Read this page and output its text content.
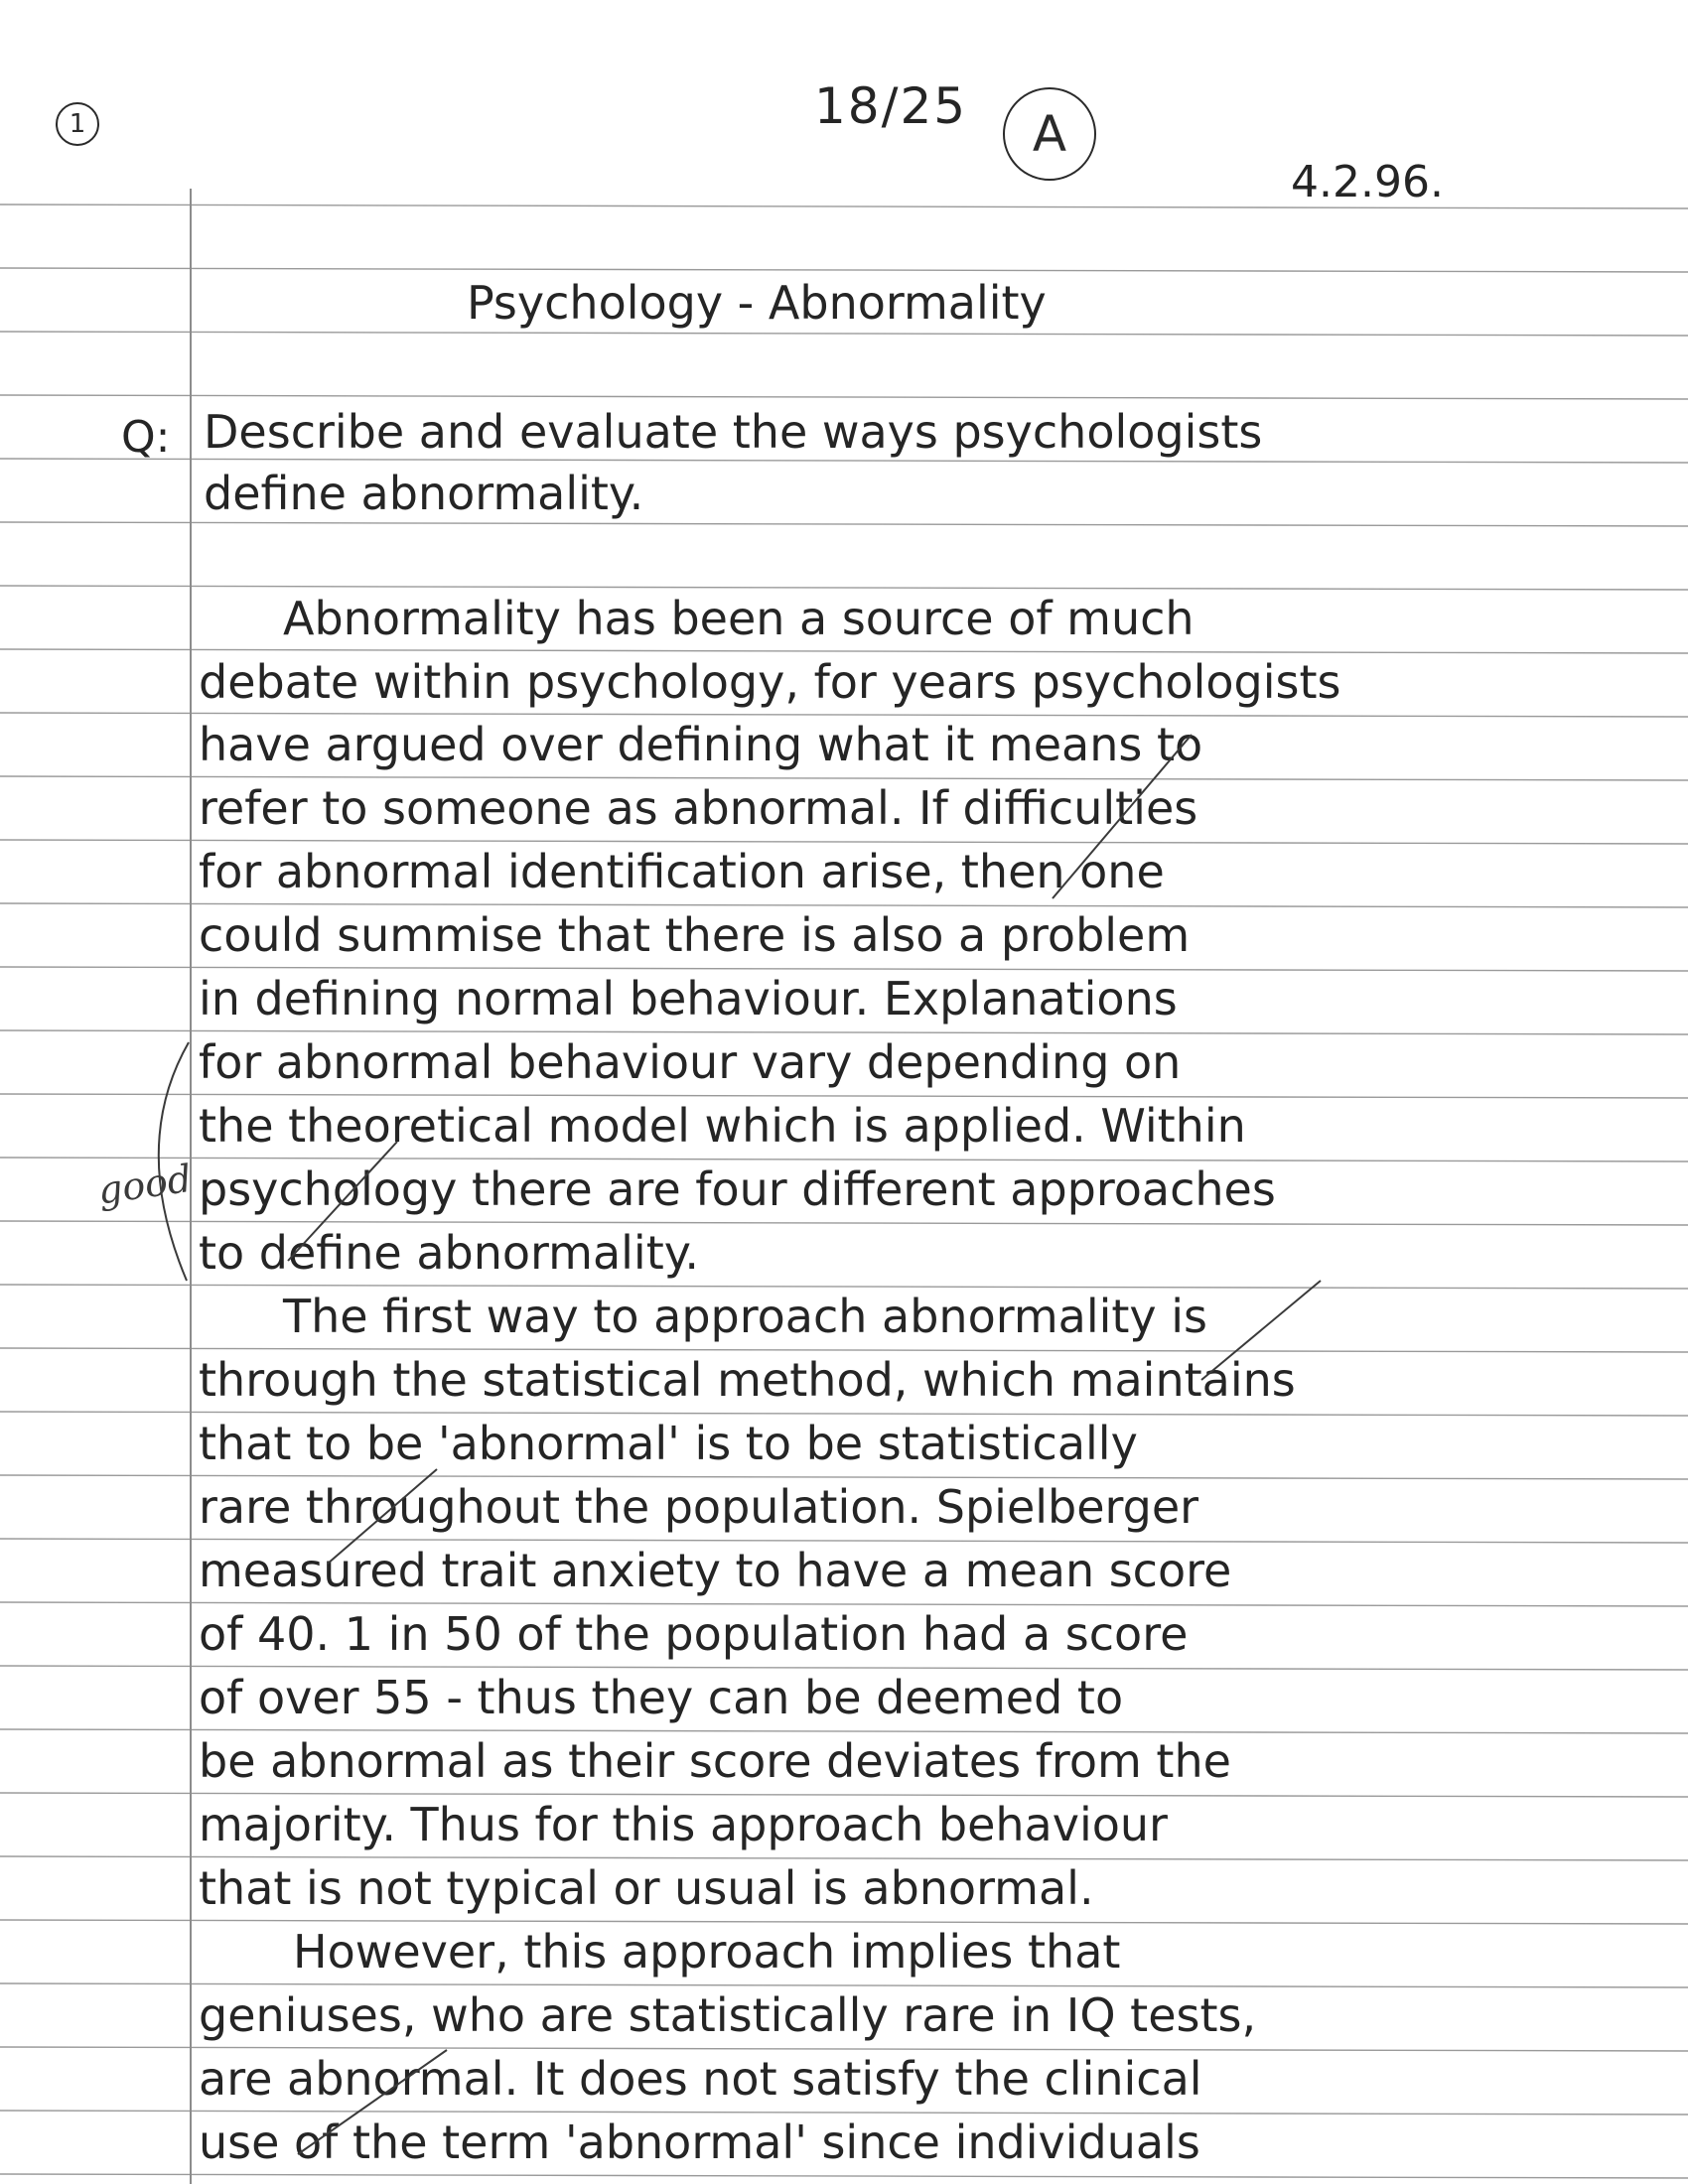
1	18/25	A
4.2.96.
Psychology - Abnormality
Q: Describe and evaluate the ways psychologists
define abnormality.
Abnormality has been a source of much
debate within psychology, for years psychologists
have argued over defining what it means to
refer to someone as abnormal. If difficulties
for abnormal identification arise, then one
could summise that there is also a problem
in defining normal behaviour. Explanations
for abnormal behaviour vary depending on
the theoretical model which is applied. Within
psychology there are four different approaches
to define abnormality.
The first way to approach abnormality is
through the statistical method, which maintains
that to be 'abnormal' is to be statistically
rare throughout the population. Spielberger
measured trait anxiety to have a mean score
of 40. 1 in 50 of the population had a score
of over 55 - thus they can be deemed to
be abnormal as their score deviates from the
majority. Thus for this approach behaviour
that is not typical or usual is abnormal.
However, this approach implies that
geniuses, who are statistically rare in IQ tests,
are abnormal. It does not satisfy the clinical
use of the term 'abnormal' since individuals
good
